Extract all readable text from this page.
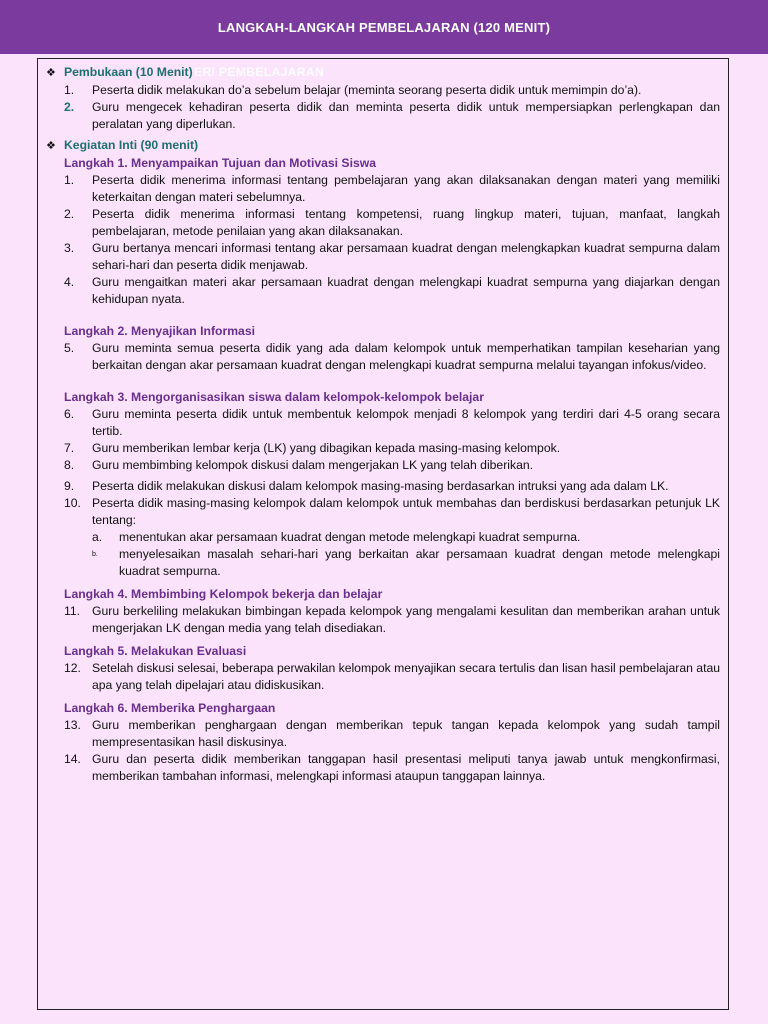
LANGKAH-LANGKAH PEMBELAJARAN (120 MENIT)
❖ Pembukaan (10 Menit) ERI PEMBELAJARAN
1.	Peserta didik melakukan do’a sebelum belajar (meminta seorang peserta didik untuk memimpin do’a).
2.	Guru mengecek kehadiran peserta didik dan meminta peserta didik untuk mempersiapkan perlengkapan dan peralatan yang diperlukan.
❖ Kegiatan Inti (90 menit)
Langkah 1. Menyampaikan Tujuan dan Motivasi Siswa
1.	Peserta didik menerima informasi tentang pembelajaran yang akan dilaksanakan dengan materi yang memiliki keterkaitan dengan materi sebelumnya.
2.	Peserta didik menerima informasi tentang kompetensi, ruang lingkup materi, tujuan, manfaat, langkah pembelajaran, metode penilaian yang akan dilaksanakan.
3.	Guru bertanya mencari informasi tentang akar persamaan kuadrat dengan melengkapkan kuadrat sempurna dalam sehari-hari dan peserta didik menjawab.
4.	Guru mengaitkan materi akar persamaan kuadrat dengan melengkapi kuadrat sempurna yang diajarkan dengan kehidupan nyata.
Langkah 2. Menyajikan Informasi
5.	Guru meminta semua peserta didik yang ada dalam kelompok untuk memperhatikan tampilan keseharian yang berkaitan dengan akar persamaan kuadrat dengan melengkapi kuadrat sempurna melalui tayangan infokus/video.
Langkah 3. Mengorganisasikan siswa dalam kelompok-kelompok belajar
6.	Guru meminta peserta didik untuk membentuk kelompok menjadi 8 kelompok yang terdiri dari 4-5 orang secara tertib.
7.	Guru memberikan lembar kerja (LK) yang dibagikan kepada masing-masing kelompok.
8.	Guru membimbing kelompok diskusi dalam mengerjakan LK yang telah diberikan.
9.	Peserta didik melakukan diskusi dalam kelompok masing-masing berdasarkan intruksi yang ada dalam LK.
10. Peserta didik masing-masing kelompok dalam kelompok untuk membahas dan berdiskusi berdasarkan petunjuk LK tentang:
a.	menentukan akar persamaan kuadrat dengan metode melengkapi kuadrat sempurna.
b.	menyelesaikan masalah sehari-hari yang berkaitan akar persamaan kuadrat dengan metode melengkapi kuadrat sempurna.
Langkah 4. Membimbing Kelompok bekerja dan belajar
11. Guru berkeliling melakukan bimbingan kepada kelompok yang mengalami kesulitan dan memberikan arahan untuk mengerjakan LK dengan media yang telah disediakan.
Langkah 5. Melakukan Evaluasi
12. Setelah diskusi selesai, beberapa perwakilan kelompok menyajikan secara tertulis dan lisan hasil pembelajaran atau apa yang telah dipelajari atau didiskusikan.
Langkah 6. Memberika Penghargaan
13. Guru memberikan penghargaan dengan memberikan tepuk tangan kepada kelompok yang sudah tampil mempresentasikan hasil diskusinya.
14. Guru dan peserta didik memberikan tanggapan hasil presentasi meliputi tanya jawab untuk mengkonfirmasi, memberikan tambahan informasi, melengkapi informasi ataupun tanggapan lainnya.
